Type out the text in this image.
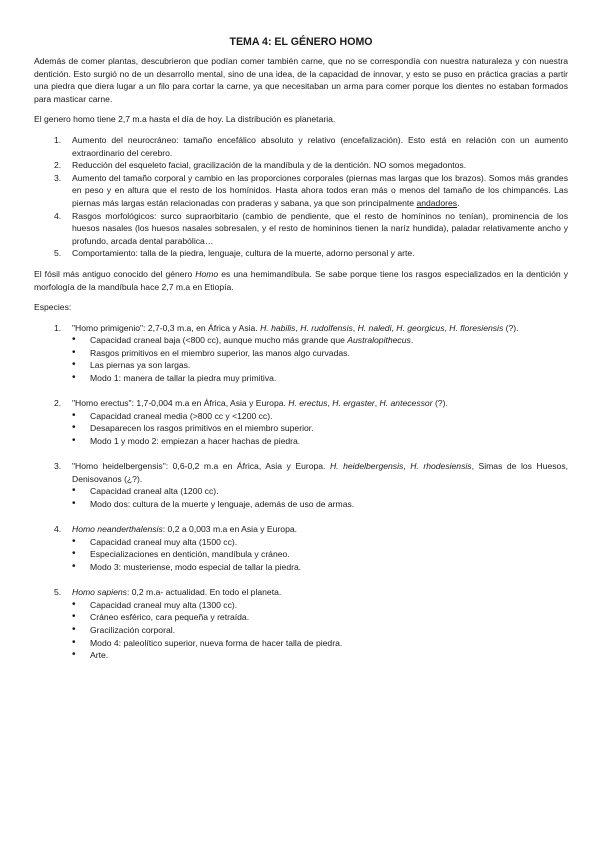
TEMA 4: EL GÉNERO HOMO

Además de comer plantas, descubrieron que podían comer también carne, que no se correspondía con nuestra naturaleza y con nuestra dentición. Esto surgió no de un desarrollo mental, sino de una idea, de la capacidad de innovar, y esto se puso en práctica gracias a partir una piedra que diera lugar a un filo para cortar la carne, ya que necesitaban un arma para comer porque los dientes no estaban formados para masticar carne.

El genero homo tiene 2,7 m.a hasta el día de hoy. La distribución es planetaria.

1. Aumento del neurocráneo: tamaño encefálico absoluto y relativo (encefalización). Esto está en relación con un aumento extraordinario del cerebro.
2. Reducción del esqueleto facial, gracilización de la mandíbula y de la dentición. NO somos megadontos.
3. Aumento del tamaño corporal y cambio en las proporciones corporales (piernas mas largas que los brazos). Somos más grandes en peso y en altura que el resto de los homínidos. Hasta ahora todos eran más o menos del tamaño de los chimpancés. Las piernas más largas están relacionadas con praderas y sabana, ya que son principalmente andadores.
4. Rasgos morfológicos: surco supraorbitario (cambio de pendiente, que el resto de homíninos no tenían), prominencia de los huesos nasales (los huesos nasales sobresalen, y el resto de homininos tienen la naríz hundida), paladar relativamente ancho y profundo, arcada dental parabólica…
5. Comportamiento: talla de la piedra, lenguaje, cultura de la muerte, adorno personal y arte.

El fósil más antiguo conocido del género Homo es una hemimandíbula. Se sabe porque tiene los rasgos especializados en la dentición y morfología de la mandíbula hace 2,7 m.a en Etiopía.

Especies:

1. "Homo primigenio": 2,7-0,3 m.a, en África y Asia. H. habilis, H. rudolfensis, H. naledi, H. georgicus, H. floresiensis (?).
• Capacidad craneal baja (<800 cc), aunque mucho más grande que Australopithecus.
• Rasgos primitivos en el miembro superior, las manos algo curvadas.
• Las piernas ya son largas.
• Modo 1: manera de tallar la piedra muy primitiva.
2. "Homo erectus": 1,7-0,004 m.a en África, Asia y Europa. H. erectus, H. ergaster, H. antecessor (?).
• Capacidad craneal media (>800 cc y <1200 cc).
• Desaparecen los rasgos primitivos en el miembro superior.
• Modo 1 y modo 2: empiezan a hacer hachas de piedra.
3. "Homo heidelbergensis": 0,6-0,2 m.a en África, Asia y Europa. H. heidelbergensis, H. rhodesiensis, Simas de los Huesos, Denisovanos (¿?).
• Capacidad craneal alta (1200 cc).
• Modo dos: cultura de la muerte y lenguaje, además de uso de armas.
4. Homo neanderthalensis: 0,2 a 0,003 m.a en Asia y Europa.
• Capacidad craneal muy alta (1500 cc).
• Especializaciones en dentición, mandíbula y cráneo.
• Modo 3: musteriense, modo especial de tallar la piedra.
5. Homo sapiens: 0,2 m.a- actualidad. En todo el planeta.
• Capacidad craneal muy alta (1300 cc).
• Cráneo esférico, cara pequeña y retraída.
• Gracilización corporal.
• Modo 4: paleolítico superior, nueva forma de hacer talla de piedra.
• Arte.
